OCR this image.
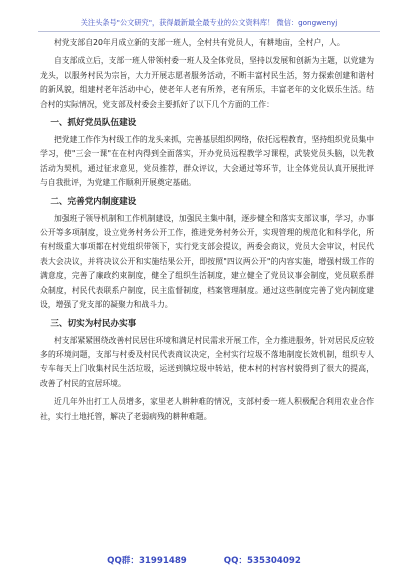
关注头条号"公文研究"，获得最新最全最专业的公文资料库！ 微信：gongwenyj

村党支部自20年月成立新的支部一班人，全村共有党员人，有耕地亩，全村户，人。

自支部成立后，支部一班人带领村委一班人及全体党员，坚持以发展和创新为主题，以党建为龙头，以服务村民为宗旨，大力开展志愿者服务活动，不断丰富村民生活，努力探索创建和谐村的新风貌，组建村老年活动中心，使老年人老有所养，老有所乐，丰富老年的文化娱乐生活。结合村的实际情况，党支部及村委会主要抓好了以下几个方面的工作：

一、抓好党员队伍建设

把党建工作作为村级工作的龙头来抓，完善基层组织网络，依托远程教育，坚持组织党员集中学习，使"三会一课"在在村内得到全面落实，开办党员远程教学习课程，武装党员头脑，以先教活动为契机，通过征求意见，党员推荐，群众评议，大会通过等环节，让全体党员认真开展批评与自我批评，为党建工作顺利开展奠定基础。

二、完善党内制度建设

加强班子领导机制和工作机制建设，加强民主集中制，逐步健全和落实支部议事，学习，办事公开等多项制度，设立党务村务公开工作，推进党务村务公开，实现管理的规范化和科学化，所有村级重大事项都在村党组织带领下，实行党支部会提议，两委会商议，党员大会审议，村民代表大会决议，并将决议公开和实施结果公开，即按照"四议两公开"的内容实施，增强村级工作的满意度，完善了廉政约束制度，健全了组织生活制度，建立健全了党员议事会制度，党员联系群众制度，村民代表联系户制度，民主监督制度，档案管理制度。通过这些制度完善了党内制度建设，增强了党支部的凝聚力和战斗力。

三、切实为村民办实事

村支部紧紧围绕改善村民居住环境和满足村民需求开展工作，全力推进服务，针对居民反应较多的环境问题，支部与村委及村民代表商议决定，全村实行垃圾不落地制度长效机制，组织专人专车每天上门收集村民生活垃圾，运送到镇垃圾中转站，使本村的村容村貌得到了很大的提高，改善了村民的宜居环境。

近几年外出打工人员增多，家里老人耕种难的情况，支部村委一班人积极配合利用农业合作社，实行土地托管，解决了老弱病残的耕种难题。

QQ群：31991489	QQ：535304092
